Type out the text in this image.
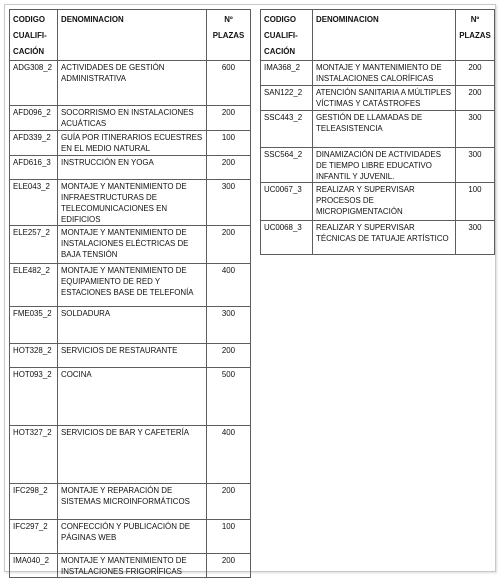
CODIGO CUALIFI-CACIÓN	DENOMINACION	Nº PLAZAS
ADG308_2	ACTIVIDADES DE GESTIÓN ADMINISTRATIVA	600
AFD096_2	SOCORRISMO EN INSTALACIONES ACUÁTICAS	200
AFD339_2	GUÍA POR ITINERARIOS ECUESTRES EN EL MEDIO NATURAL	100
AFD616_3	INSTRUCCIÓN EN YOGA	200
ELE043_2	MONTAJE Y MANTENIMIENTO DE INFRAESTRUCTURAS DE TELECOMUNICACIONES EN EDIFICIOS	300
ELE257_2	MONTAJE Y MANTENIMIENTO DE INSTALACIONES ELÉCTRICAS DE BAJA TENSIÓN	200
ELE482_2	MONTAJE Y MANTENIMIENTO DE EQUIPAMIENTO DE RED Y ESTACIONES BASE DE TELEFONÍA	400
FME035_2	SOLDADURA	300
HOT328_2	SERVICIOS DE RESTAURANTE	200
HOT093_2	COCINA	500
HOT327_2	SERVICIOS DE BAR Y CAFETERÍA	400
IFC298_2	MONTAJE Y REPARACIÓN DE SISTEMAS MICROINFORMÁTICOS	200
IFC297_2	CONFECCIÓN Y PUBLICACIÓN DE PÁGINAS WEB	100
IMA040_2	MONTAJE Y MANTENIMIENTO DE INSTALACIONES FRIGORÍFICAS	200
CODIGO CUALIFI-CACIÓN	DENOMINACION	Nº PLAZAS
IMA368_2	MONTAJE Y MANTENIMIENTO DE INSTALACIONES CALORÍFICAS	200
SAN122_2	ATENCIÓN SANITARIA A MÚLTIPLES VÍCTIMAS Y CATÁSTROFES	200
SSC443_2	GESTIÓN DE LLAMADAS DE TELEASISTENCIA	300
SSC564_2	DINAMIZACIÓN DE ACTIVIDADES DE TIEMPO LIBRE EDUCATIVO INFANTIL Y JUVENIL.	300
UC0067_3	REALIZAR Y SUPERVISAR PROCESOS DE MICROPIGMENTACIÓN	100
UC0068_3	REALIZAR Y SUPERVISAR TÉCNICAS DE TATUAJE ARTÍSTICO	300
